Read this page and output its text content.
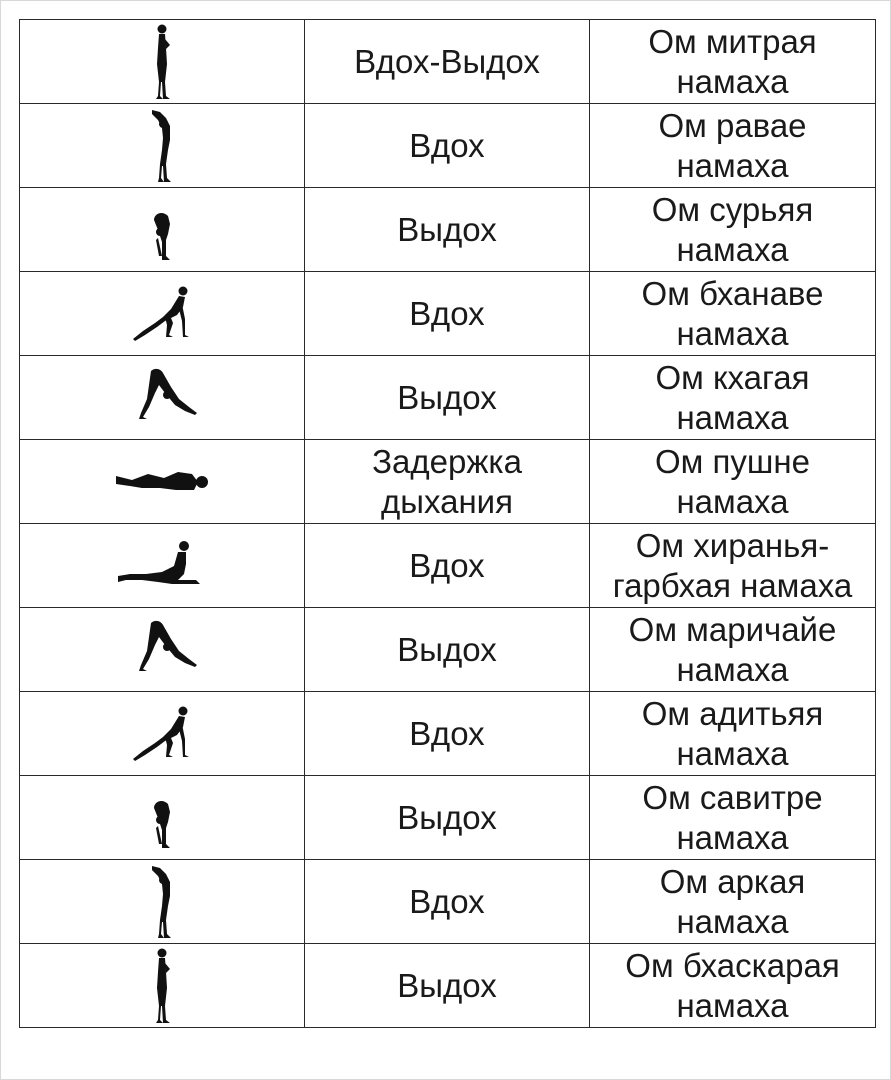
	Вдох-Выдох	Ом митрая
намаха

	Вдох	Ом равае
намаха

	Выдох	Ом сурьяя
намаха

	Вдох	Ом бханаве
намаха

	Выдох	Ом кхагая
намаха

	Задержка дыхания	Ом пушне
намаха

	Вдох	Ом хиранья-
гарбхая намаха

	Выдох	Ом маричайе
намаха

	Вдох	Ом адитьяя
намаха

	Выдох	Ом савитре
намаха

	Вдох	Ом аркая
намаха

	Выдох	Ом бхаскарая
намаха
